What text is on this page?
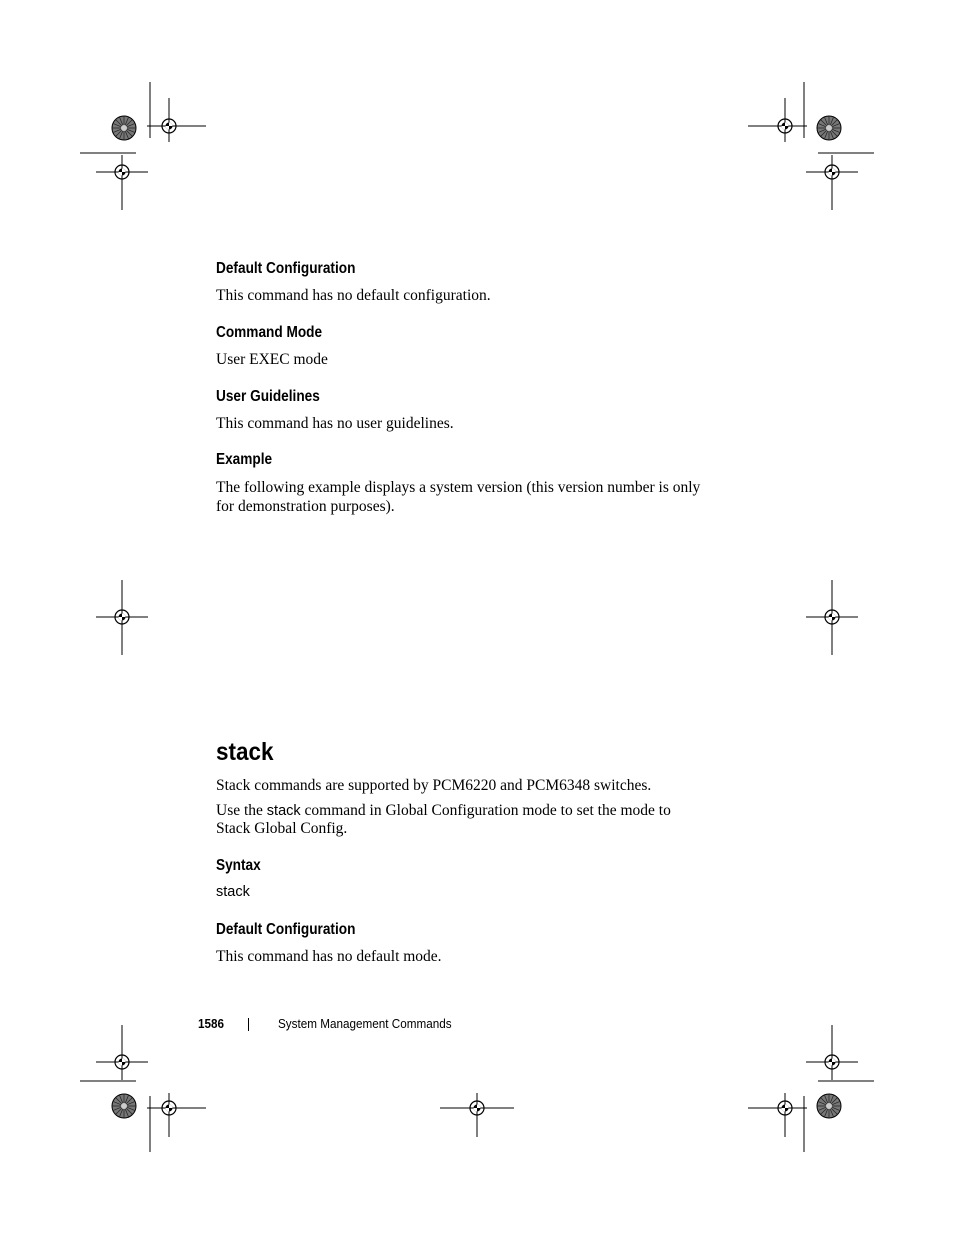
Default Configuration
This command has no default configuration.
Command Mode
User EXEC mode
User Guidelines
This command has no user guidelines.
Example
The following example displays a system version (this version number is only
for demonstration purposes).
stack
Stack commands are supported by PCM6220 and PCM6348 switches.
Use the stack command in Global Configuration mode to set the mode to
Stack Global Config.
Syntax
stack
Default Configuration
This command has no default mode.
1586	System Management Commands
